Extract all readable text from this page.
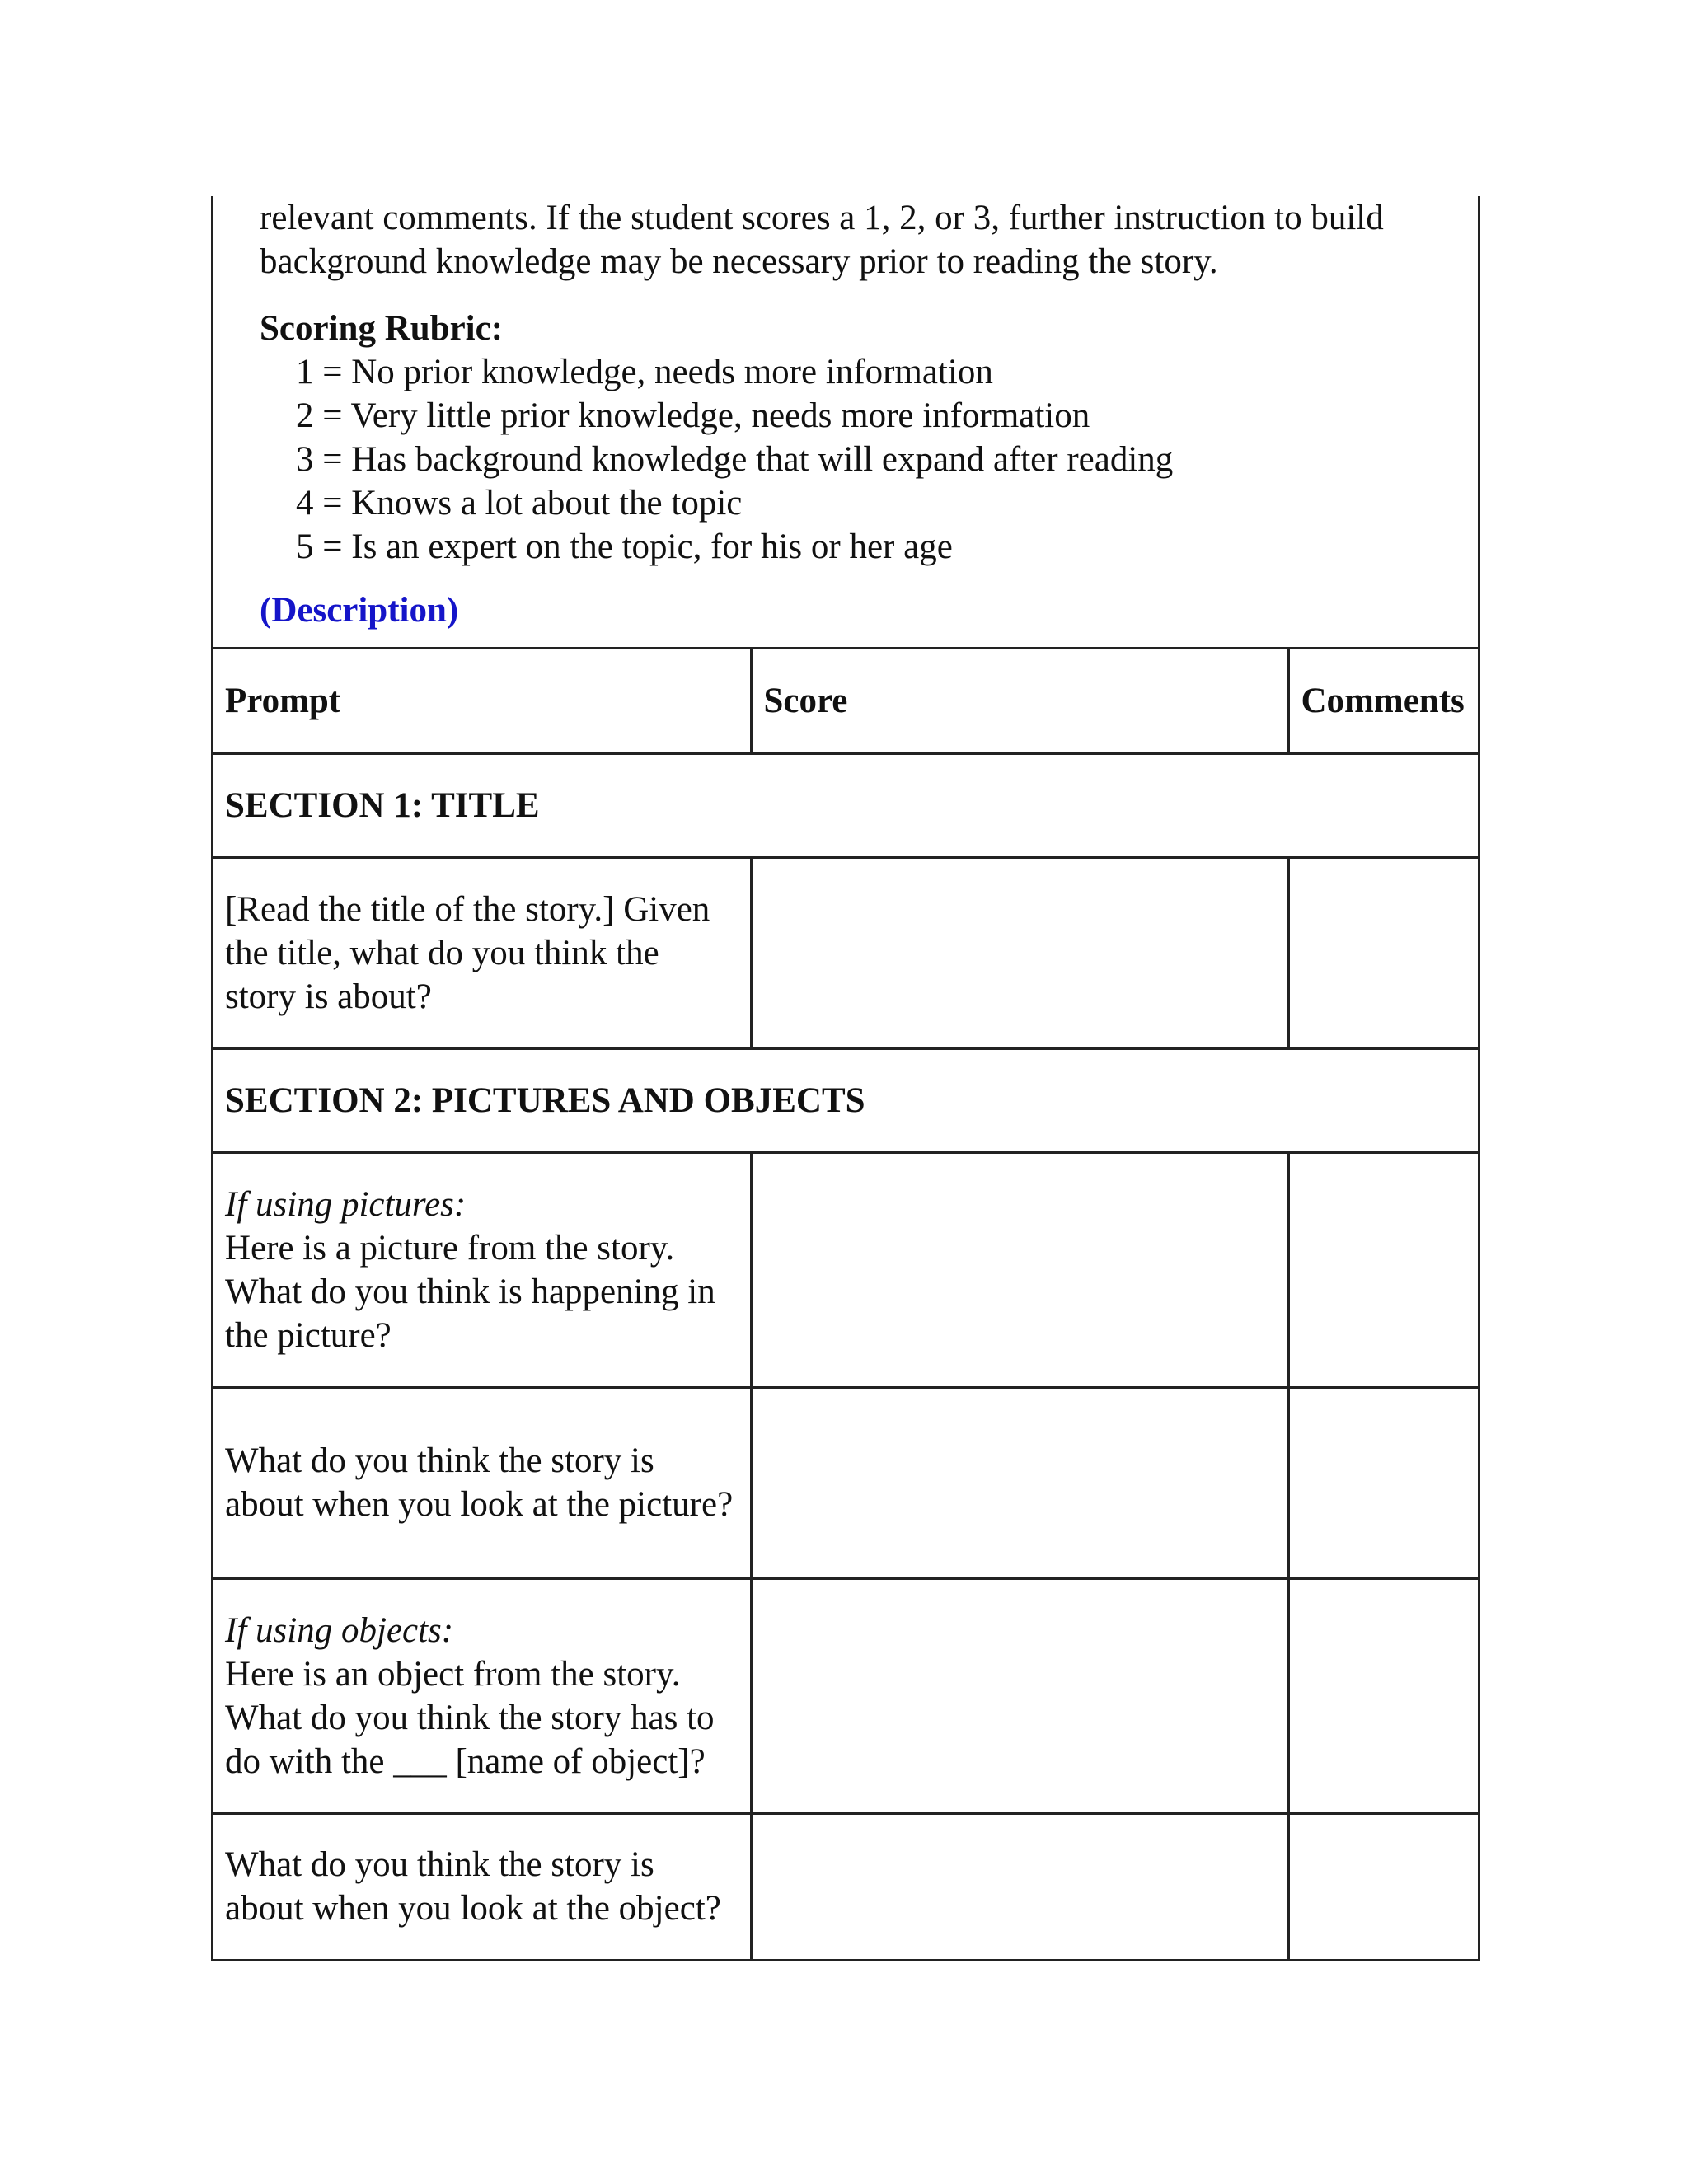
relevant comments. If the student scores a 1, 2, or 3, further instruction to build background knowledge may be necessary prior to reading the story.

Scoring Rubric:

1 = No prior knowledge, needs more information
2 = Very little prior knowledge, needs more information
3 = Has background knowledge that will expand after reading
4 = Knows a lot about the topic
5 = Is an expert on the topic, for his or her age
(Description)
Prompt	Score	Comments
SECTION 1: TITLE		
[Read the title of the story.] Given the title, what do you think the story is about?		
SECTION 2: PICTURES AND OBJECTS		
If using pictures:
Here is a picture from the story. What do you think is happening in the picture?		
What do you think the story is about when you look at the picture?		
If using objects:
Here is an object from the story. What do you think the story has to do with the ___ [name of object]?		
What do you think the story is about when you look at the object?		
